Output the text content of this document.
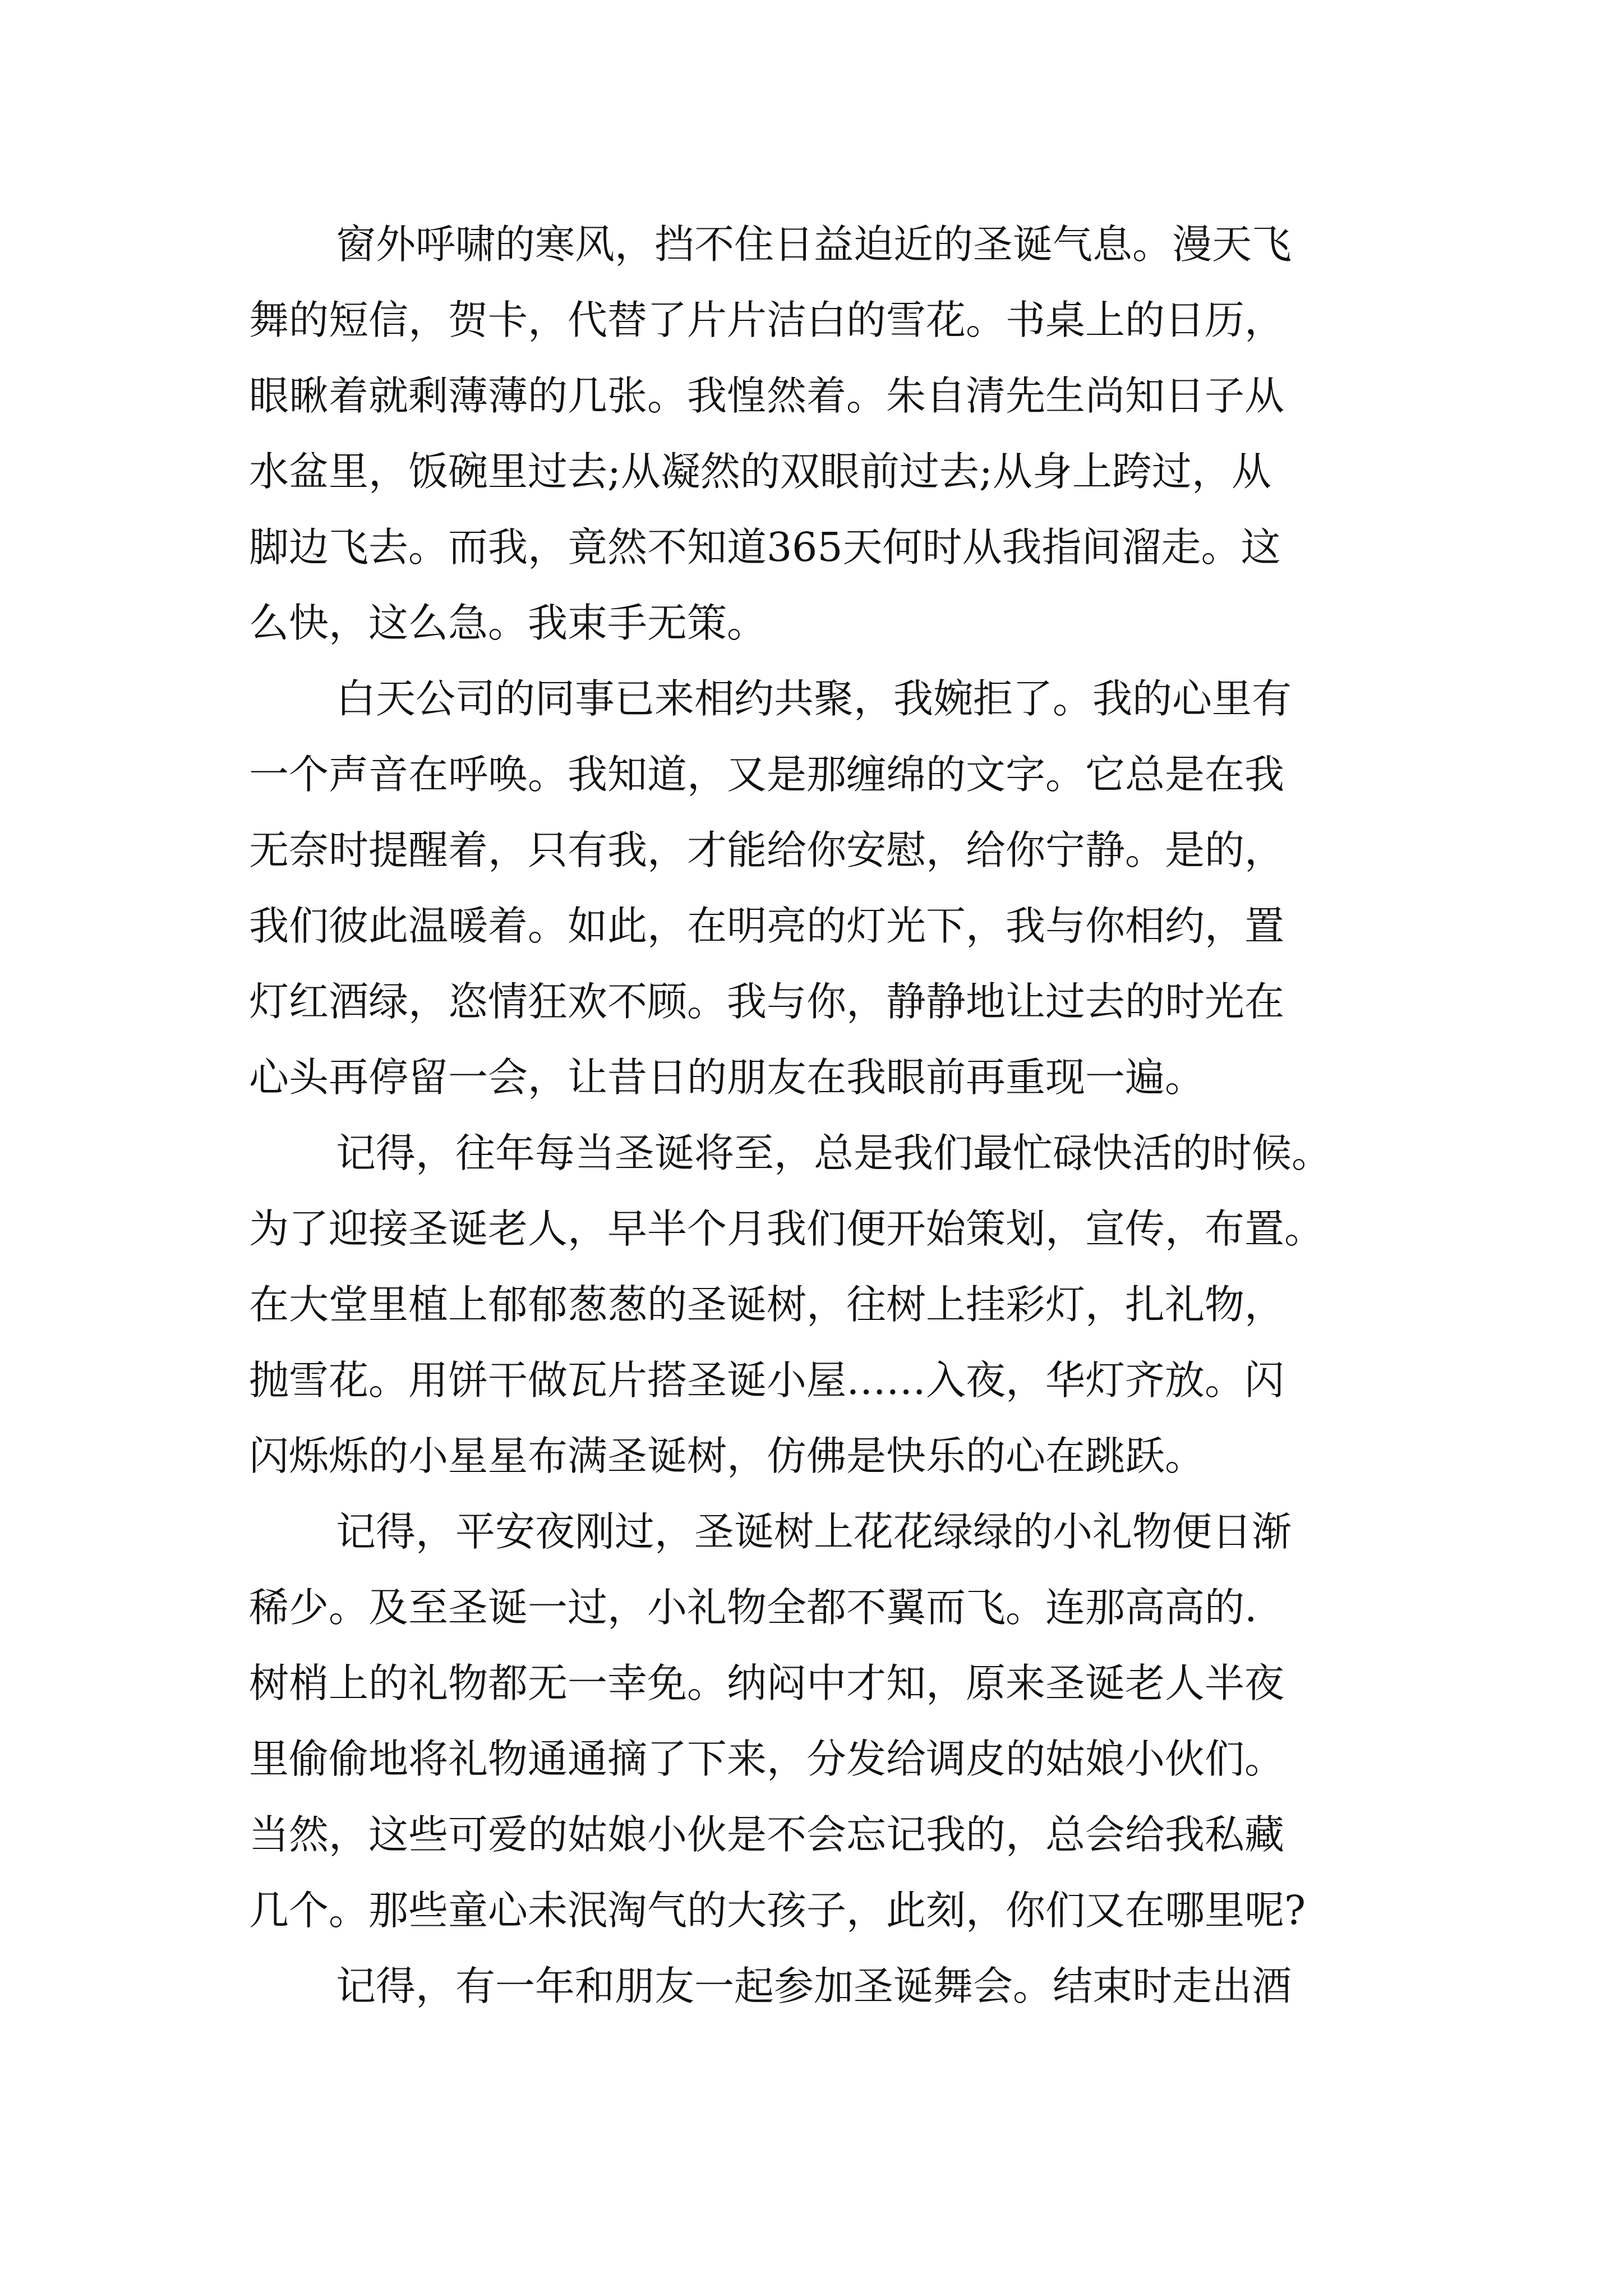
窗外呼啸的寒风，挡不住日益迫近的圣诞气息。漫天飞
舞的短信，贺卡，代替了片片洁白的雪花。书桌上的日历，
眼瞅着就剩薄薄的几张。我惶然着。朱自清先生尚知日子从
水盆里，饭碗里过去;从凝然的双眼前过去;从身上跨过，从
脚边飞去。而我，竟然不知道365天何时从我指间溜走。这
么快，这么急。我束手无策。
白天公司的同事已来相约共聚，我婉拒了。我的心里有
一个声音在呼唤。我知道，又是那缠绵的文字。它总是在我
无奈时提醒着，只有我，才能给你安慰，给你宁静。是的，
我们彼此温暖着。如此，在明亮的灯光下，我与你相约，置
灯红酒绿，恣情狂欢不顾。我与你，静静地让过去的时光在
心头再停留一会，让昔日的朋友在我眼前再重现一遍。
记得，往年每当圣诞将至，总是我们最忙碌快活的时候。
为了迎接圣诞老人，早半个月我们便开始策划，宣传，布置。
在大堂里植上郁郁葱葱的圣诞树，往树上挂彩灯，扎礼物，
抛雪花。用饼干做瓦片搭圣诞小屋……入夜，华灯齐放。闪
闪烁烁的小星星布满圣诞树，仿佛是快乐的心在跳跃。
记得，平安夜刚过，圣诞树上花花绿绿的小礼物便日渐
稀少。及至圣诞一过，小礼物全都不翼而飞。连那高高的.
树梢上的礼物都无一幸免。纳闷中才知，原来圣诞老人半夜
里偷偷地将礼物通通摘了下来，分发给调皮的姑娘小伙们。
当然，这些可爱的姑娘小伙是不会忘记我的，总会给我私藏
几个。那些童心未泯淘气的大孩子，此刻，你们又在哪里呢?
记得，有一年和朋友一起参加圣诞舞会。结束时走出酒
